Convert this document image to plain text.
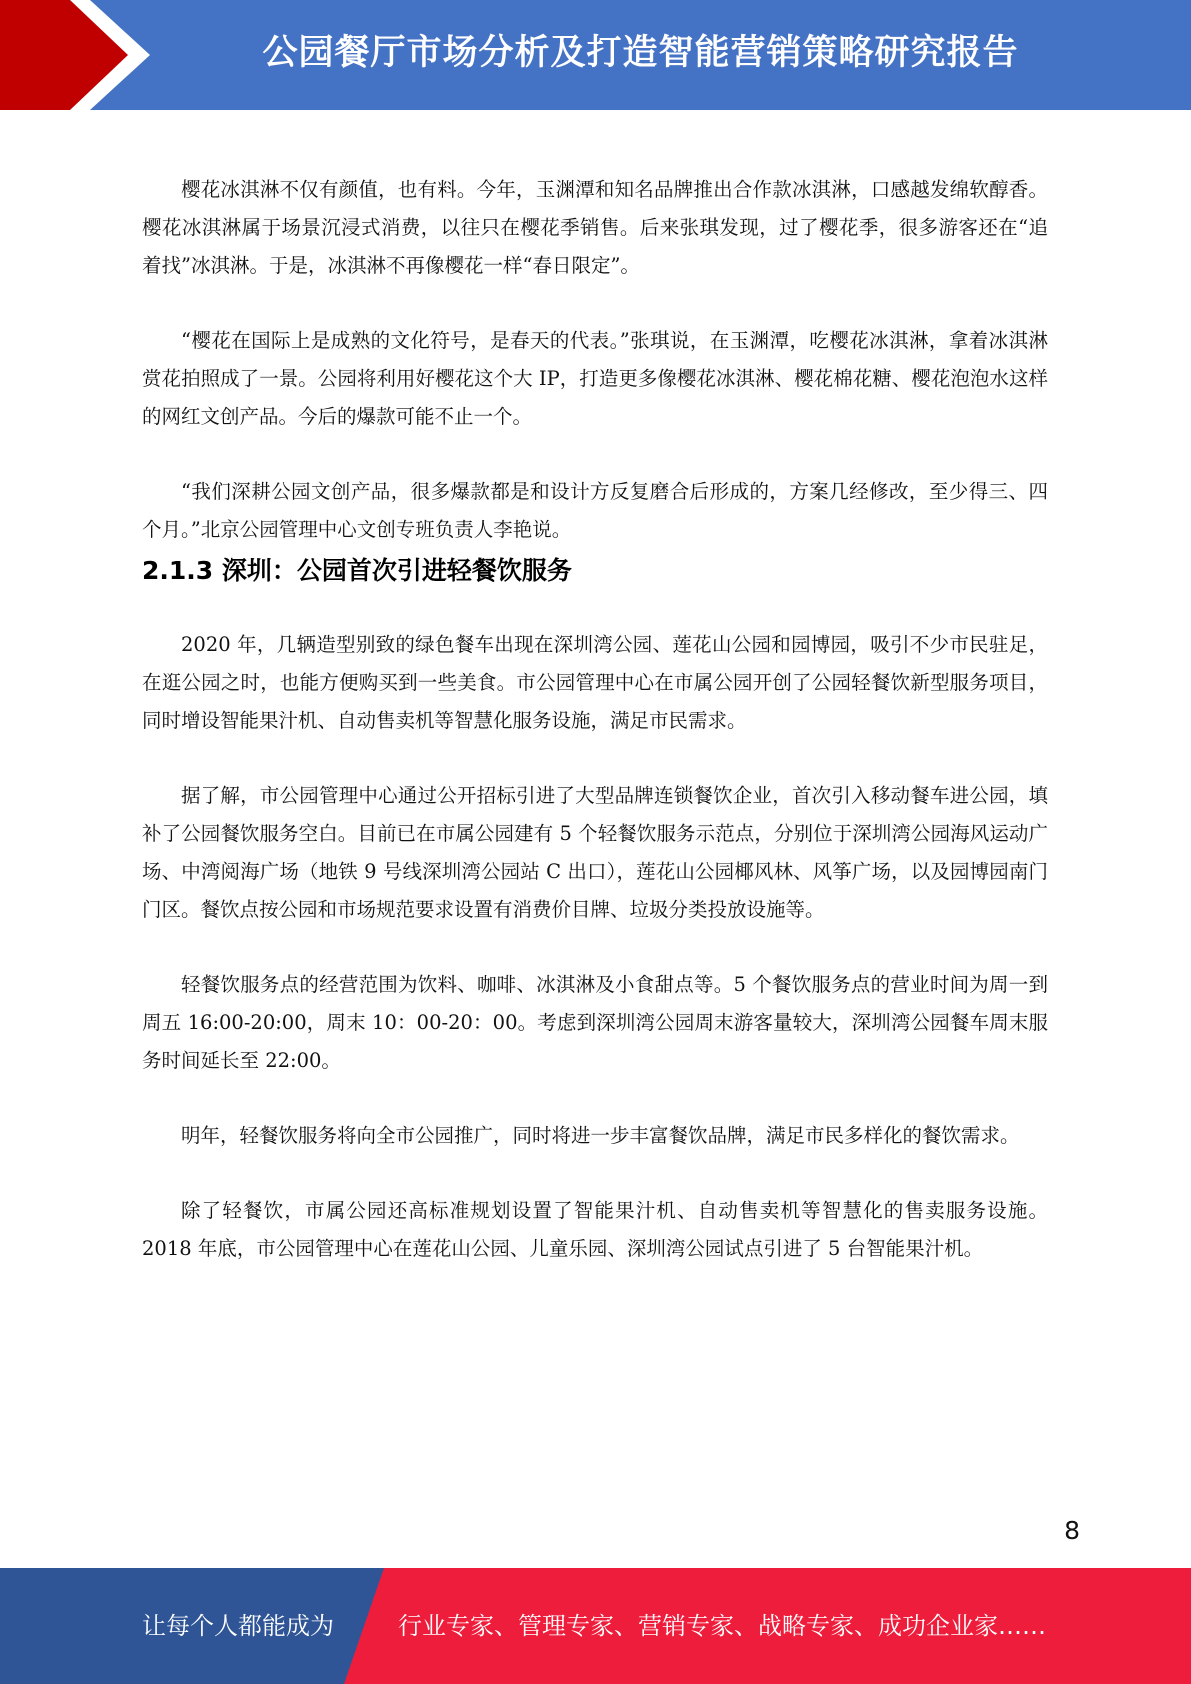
公园餐厅市场分析及打造智能营销策略研究报告

樱花冰淇淋不仅有颜值，也有料。今年，玉渊潭和知名品牌推出合作款冰淇淋，口感越发绵软醇香。樱花冰淇淋属于场景沉浸式消费，以往只在樱花季销售。后来张琪发现，过了樱花季，很多游客还在“追着找”冰淇淋。于是，冰淇淋不再像樱花一样“春日限定”。

“樱花在国际上是成熟的文化符号，是春天的代表。”张琪说，在玉渊潭，吃樱花冰淇淋，拿着冰淇淋赏花拍照成了一景。公园将利用好樱花这个大 IP，打造更多像樱花冰淇淋、樱花棉花糖、樱花泡泡水这样的网红文创产品。今后的爆款可能不止一个。

“我们深耕公园文创产品，很多爆款都是和设计方反复磨合后形成的，方案几经修改，至少得三、四个月。”北京公园管理中心文创专班负责人李艳说。

2.1.3 深圳：公园首次引进轻餐饮服务

2020 年，几辆造型别致的绿色餐车出现在深圳湾公园、莲花山公园和园博园，吸引不少市民驻足，在逛公园之时，也能方便购买到一些美食。市公园管理中心在市属公园开创了公园轻餐饮新型服务项目，同时增设智能果汁机、自动售卖机等智慧化服务设施，满足市民需求。

据了解，市公园管理中心通过公开招标引进了大型品牌连锁餐饮企业，首次引入移动餐车进公园，填补了公园餐饮服务空白。目前已在市属公园建有 5 个轻餐饮服务示范点，分别位于深圳湾公园海风运动广场、中湾阅海广场（地铁 9 号线深圳湾公园站 C 出口），莲花山公园椰风林、风筝广场，以及园博园南门门区。餐饮点按公园和市场规范要求设置有消费价目牌、垃圾分类投放设施等。

轻餐饮服务点的经营范围为饮料、咖啡、冰淇淋及小食甜点等。5 个餐饮服务点的营业时间为周一到周五 16:00-20:00，周末 10：00-20：00。考虑到深圳湾公园周末游客量较大，深圳湾公园餐车周末服务时间延长至 22:00。

明年，轻餐饮服务将向全市公园推广，同时将进一步丰富餐饮品牌，满足市民多样化的餐饮需求。

除了轻餐饮，市属公园还高标准规划设置了智能果汁机、自动售卖机等智慧化的售卖服务设施。2018 年底，市公园管理中心在莲花山公园、儿童乐园、深圳湾公园试点引进了 5 台智能果汁机。

8
让每个人都能成为	行业专家、管理专家、营销专家、战略专家、成功企业家……
